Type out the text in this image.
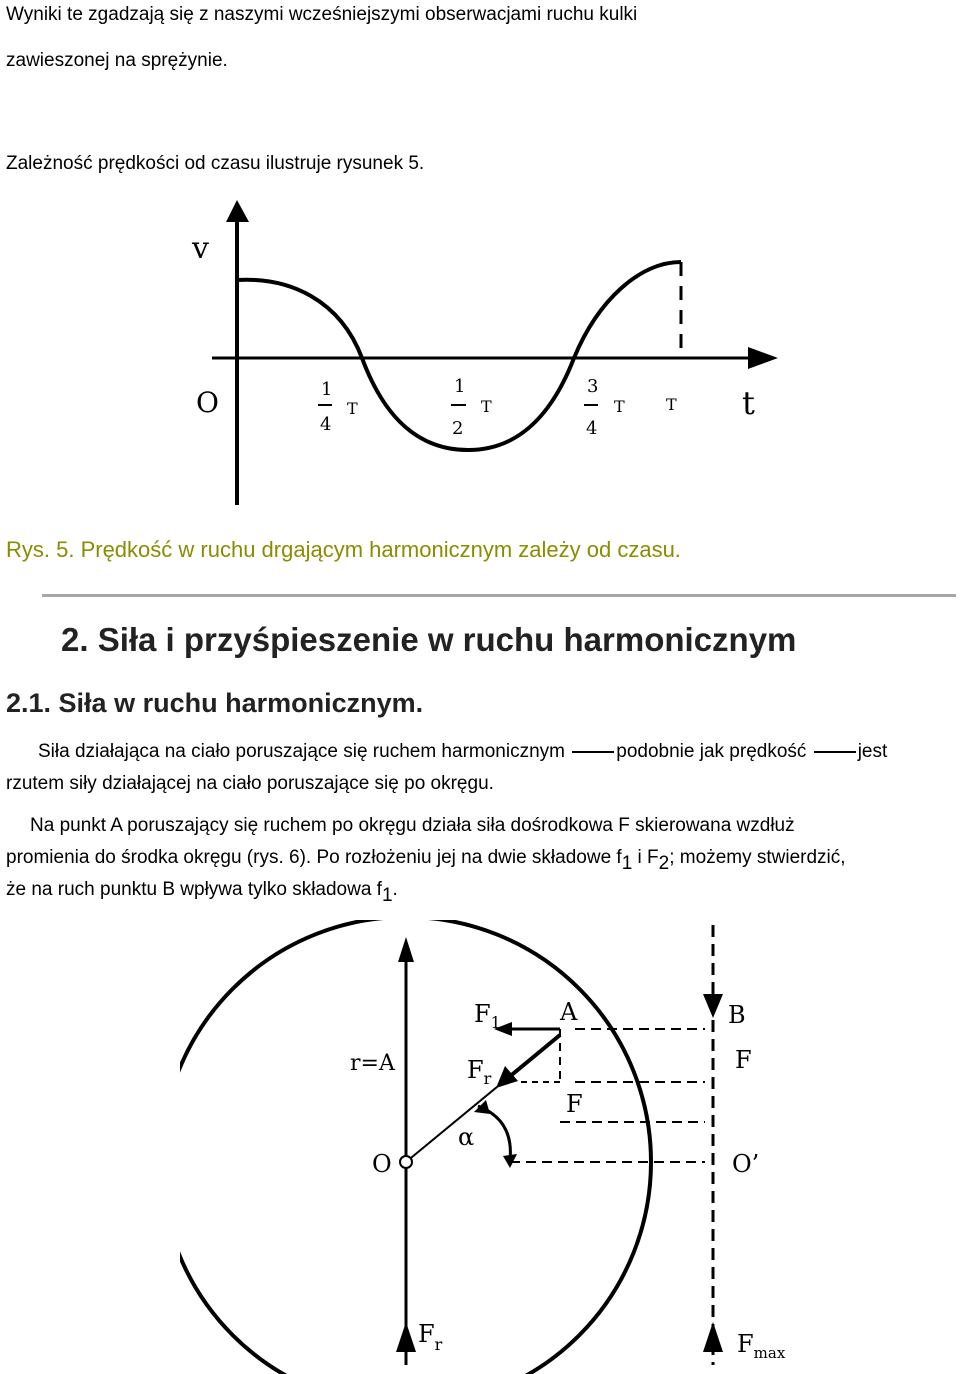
Wyniki te zgadzają się z naszymi wcześniejszymi obserwacjami ruchu kulki
zawieszonej na sprężynie.
Zależność prędkości od czasu ilustruje rysunek 5.
v
O	t
1
4
T
1
2
T
3
4
T	T
Rys. 5. Prędkość w ruchu drgającym harmonicznym zależy od czasu.
2. Siła i przyśpieszenie w ruchu harmonicznym
2.1. Siła w ruchu harmonicznym.
Siła działająca na ciało poruszające się ruchem harmonicznym	podobnie jak prędkość	jest
rzutem siły działającej na ciało poruszające się po okręgu.
Na punkt A poruszający się ruchem po okręgu działa siła dośrodkowa F skierowana wzdłuż
promienia do środka okręgu (rys. 6). Po rozłożeniu jej na dwie składowe $f_1$ i $F_2$; możemy stwierdzić,
że na ruch punktu B wpływa tylko składowa $f_1$.
$F_1$ A	B
r=A	$F_r$
F
F
α
O	O’
$F_r$	$F_{max}$
